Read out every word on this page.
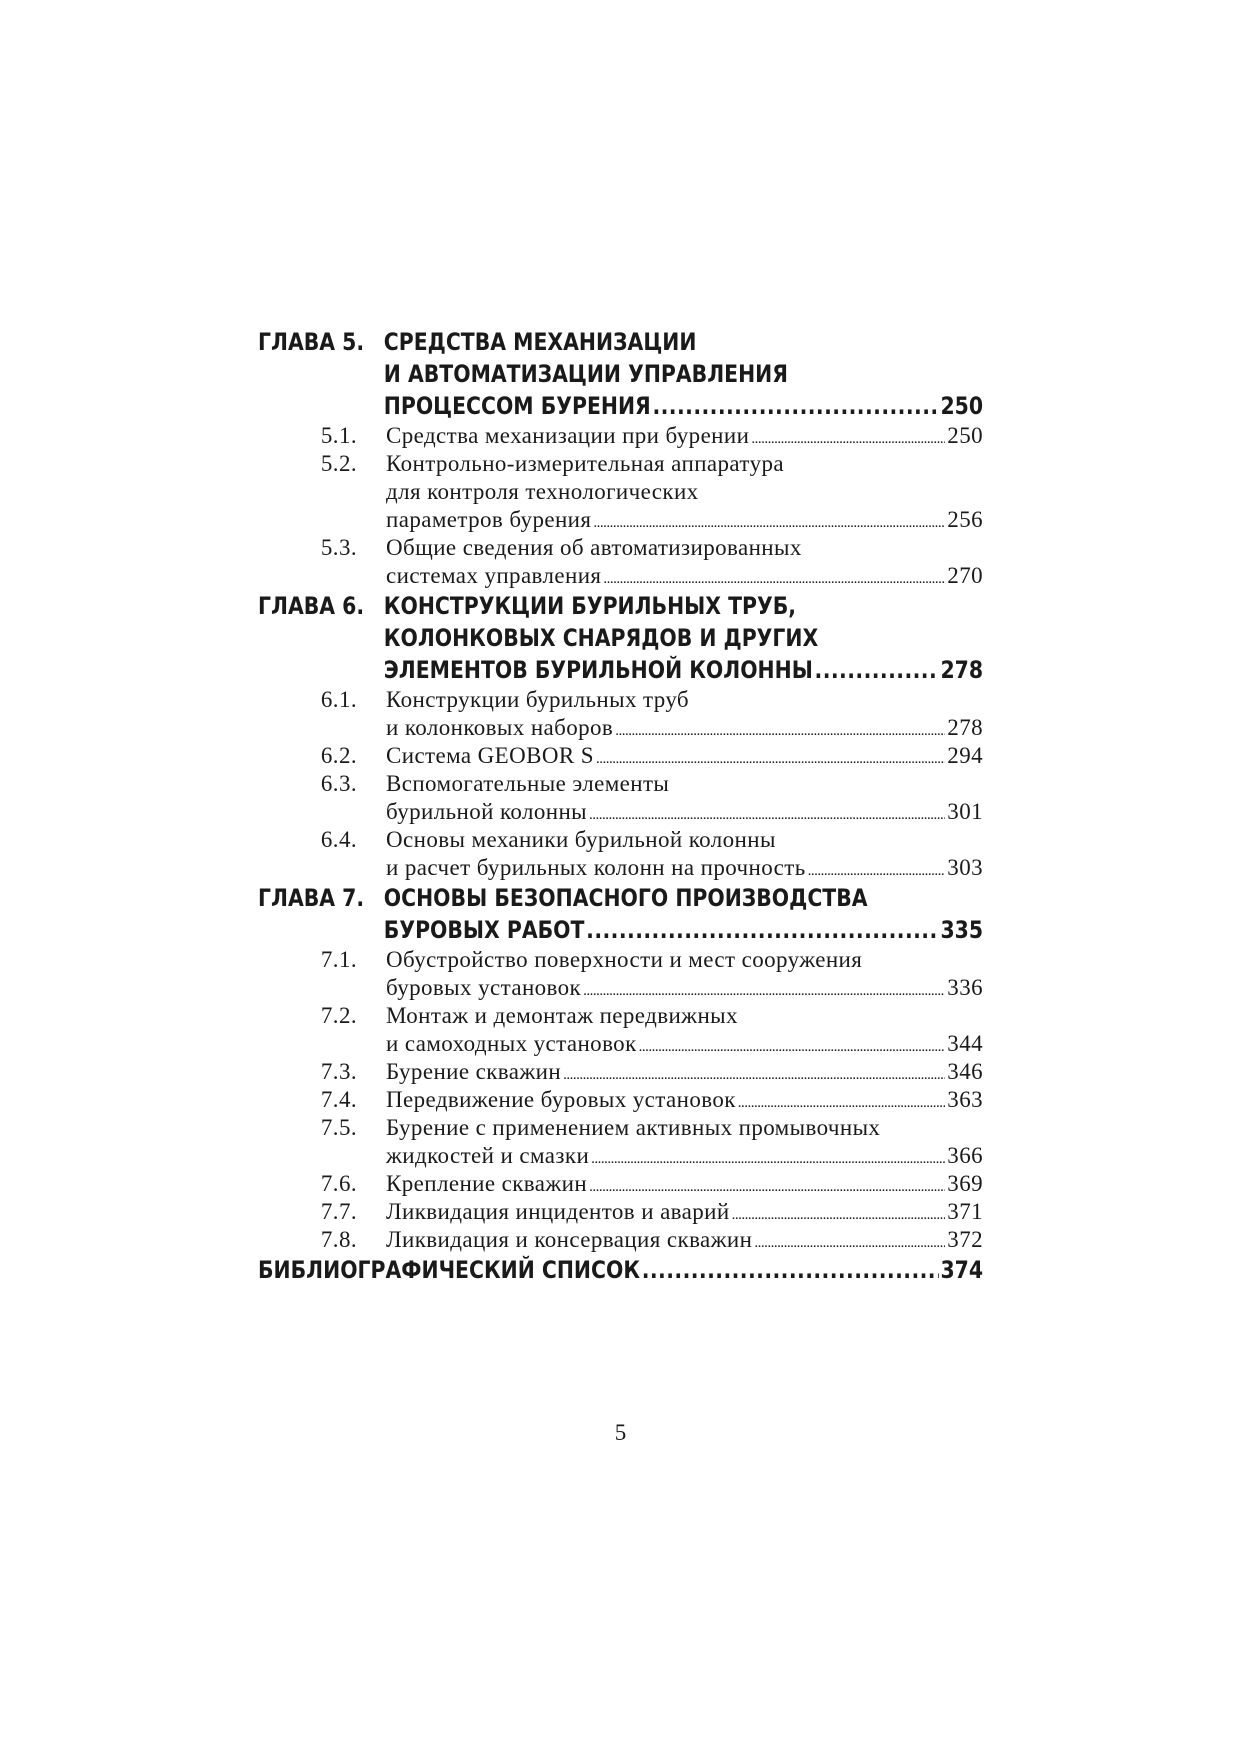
ГЛАВА 5. СРЕДСТВА МЕХАНИЗАЦИИ
И АВТОМАТИЗАЦИИ УПРАВЛЕНИЯ
ПРОЦЕССОМ БУРЕНИЯ .....	250
5.1.	Средства механизации при бурении .....	250
5.2.	Контрольно-измерительная аппаратура
для контроля технологических
параметров бурения .....	256
5.3.	Общие сведения об автоматизированных
системах управления .....	270
ГЛАВА 6. КОНСТРУКЦИИ БУРИЛЬНЫХ ТРУБ,
КОЛОНКОВЫХ СНАРЯДОВ И ДРУГИХ
ЭЛЕМЕНТОВ БУРИЛЬНОЙ КОЛОННЫ .....	278
6.1.	Конструкции бурильных труб
и колонковых наборов .....	278
6.2.	Система GEOBOR S .....	294
6.3.	Вспомогательные элементы
бурильной колонны .....	301
6.4.	Основы механики бурильной колонны
и расчет бурильных колонн на прочность .....	303
ГЛАВА 7. ОСНОВЫ БЕЗОПАСНОГО ПРОИЗВОДСТВА
БУРОВЫХ РАБОТ .....	335
7.1.	Обустройство поверхности и мест сооружения
буровых установок .....	336
7.2.	Монтаж и демонтаж передвижных
и самоходных установок .....	344
7.3.	Бурение скважин .....	346
7.4.	Передвижение буровых установок .....	363
7.5.	Бурение с применением активных промывочных
жидкостей и смазки .....	366
7.6.	Крепление скважин .....	369
7.7.	Ликвидация инцидентов и аварий .....	371
7.8.	Ликвидация и консервация скважин .....	372
БИБЛИОГРАФИЧЕСКИЙ СПИСОК .....	374
5
